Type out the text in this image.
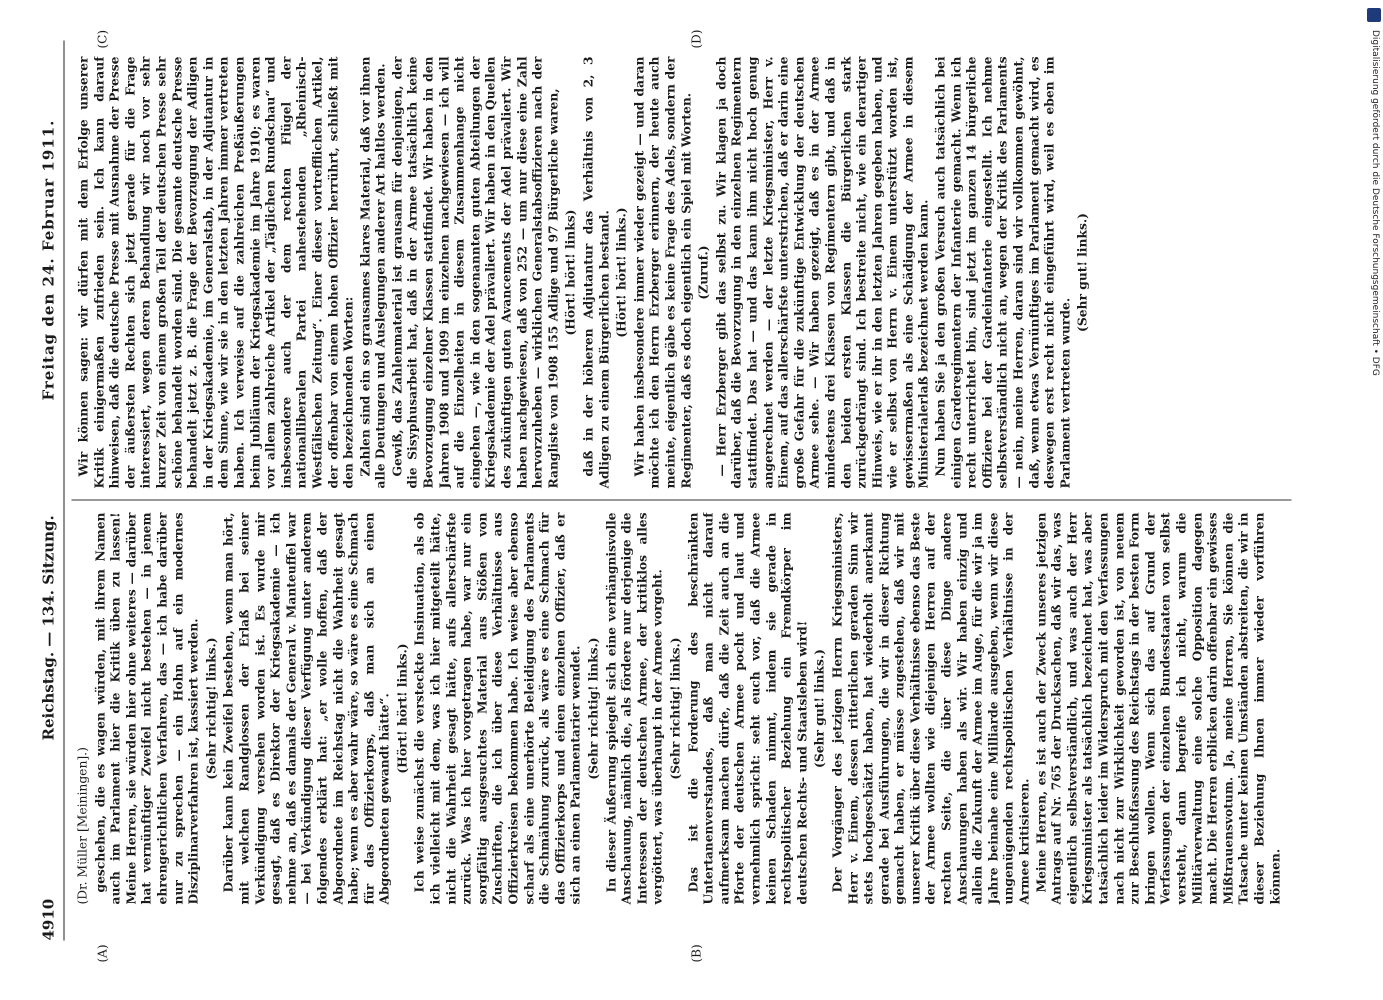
4910
Reichstag. — 134. Sitzung.
Freitag den 24. Februar 1911.
(A)	(B)
(C)	(D)

(Dr. Müller [Meiningen].) geschehen, die es wagen würden, mit ihrem Namen auch im Parlament hier die Kritik üben zu lassen! Meine Herren, sie würden hier ohne weiteres — darüber hat vernünftiger Zweifel nicht bestehen — in jenem ehrengerichtlichen Verfahren, das — ich habe darüber nur zu sprechen — ein Hohn auf ein modernes Disziplinarverfahren ist, kassiert werden. (Sehr richtig! links.) Darüber kann kein Zweifel bestehen, wenn man hört, mit welchen Randglossen der Erlaß bei seiner Verkündigung versehen worden ist. Es wurde mir gesagt, daß es Direktor der Kriegsakademie — ich nehme an, daß es damals der General v. Manteuffel war — bei Verkündigung dieser Verfügung unter anderem folgendes erklärt hat: „er wolle hoffen, daß der Abgeordnete im Reichstag nicht die Wahrheit gesagt habe; wenn es aber wahr wäre, so wäre es eine Schmach für das Offizierkorps, daß man sich an einen Abgeordneten gewandt hätte“. (Hört! hört! links.) Ich weise zunächst die versteckte Insinuation, als ob ich vielleicht mit dem, was ich hier mitgeteilt hätte, nicht die Wahrheit gesagt hätte, aufs allerschärfste zurück. Was ich hier vorgetragen habe, war nur ein sorgfältig ausgesuchtes Material aus Stößen von Zuschriften, die ich über diese Verhältnisse aus Offizierkreisen bekommen habe. Ich weise aber ebenso scharf als eine unerhörte Beleidigung des Parlaments die Schmähung zurück, als wäre es eine Schmach für das Offizierkorps und einen einzelnen Offizier, daß er sich an einen Parlamentarier wendet. (Sehr richtig! links.) In dieser Äußerung spiegelt sich eine verhängnisvolle Anschauung, nämlich die, als fördere nur derjenige die Interessen der deutschen Armee, der kritiklos alles vergöttert, was überhaupt in der Armee vorgeht. (Sehr richtig! links.) Das ist die Forderung des beschränkten Untertanenverstandes, daß man nicht darauf aufmerksam machen dürfe, daß die Zeit auch an die Pforte der deutschen Armee pocht und laut und vernehmlich spricht: seht euch vor, daß die Armee keinen Schaden nimmt, indem sie gerade in rechtspolitischer Beziehung ein Fremdkörper im deutschen Rechts- und Staatsleben wird! (Sehr gut! links.) Der Vorgänger des jetzigen Herrn Kriegsministers, Herr v. Einem, dessen ritterlichen geraden Sinn wir stets hochgeschätzt haben, hat wiederholt anerkannt gerade bei Ausführungen, die wir in dieser Richtung gemacht haben, er müsse zugestehen, daß wir mit unserer Kritik über diese Verhältnisse ebenso das Beste der Armee wollten wie diejenigen Herren auf der rechten Seite, die über diese Dinge andere Anschauungen haben als wir. Wir haben einzig und allein die Zukunft der Armee im Auge, für die wir ja im Jahre beinahe eine Milliarde ausgeben, wenn wir diese ungenügenden rechtspolitischen Verhältnisse in der Armee kritisieren. Meine Herren, es ist auch der Zweck unseres jetzigen Antrags auf Nr. 765 der Drucksachen, daß wir das, was eigentlich selbstverständlich, und was auch der Herr Kriegsminister als tatsächlich bezeichnet hat, was aber tatsächlich leider im Widerspruch mit den Verfassungen nach nicht zur Wirklichkeit geworden ist, von neuem zur Beschlußfassung des Reichstags in der besten Form bringen wollen. Wenn sich das auf Grund der Verfassungen der einzelnen Bundesstaaten von selbst versteht, dann begreife ich nicht, warum die Militärverwaltung eine solche Opposition dagegen macht. Die Herren erblicken darin offenbar ein gewisses Mißtrauensvotum. Ja, meine Herren, Sie können die Tatsache unter keinen Umständen abstreiten, die wir in dieser Beziehung Ihnen immer wieder vorführen können.

Wir können sagen: wir dürfen mit dem Erfolge unserer Kritik einigermaßen zufrieden sein. Ich kann darauf hinweisen, daß die deutsche Presse mit Ausnahme der Presse der äußersten Rechten sich jetzt gerade für die Frage interessiert, wegen deren Behandlung wir noch vor sehr kurzer Zeit von einem großen Teil der deutschen Presse sehr schöne behandelt worden sind. Die gesamte deutsche Presse behandelt jetzt z. B. die Frage der Bevorzugung der Adligen in der Kriegsakademie, im Generalstab, in der Adjutantur in dem Sinne, wie wir sie in den letzten Jahren immer vertreten haben. Ich verweise auf die zahlreichen Preßäußerungen beim Jubiläum der Kriegsakademie im Jahre 1910; es waren vor allem zahlreiche Artikel der „Täglichen Rundschau“ und insbesondere auch der dem rechten Flügel der nationalliberalen Partei nahestehenden „Rheinisch-Westfälischen Zeitung“. Einer dieser vortrefflichen Artikel, der offenbar von einem hohen Offizier herrührt, schließt mit den bezeichnenden Worten: Zahlen sind ein so grausames klares Material, daß vor ihnen alle Deutungen und Auslegungen anderer Art haltlos werden. Gewiß, das Zahlenmaterial ist grausam für denjenigen, der die Sisyphusarbeit hat, daß in der Armee tatsächlich keine Bevorzugung einzelner Klassen stattfindet. Wir haben in den Jahren 1908 und 1909 im einzelnen nachgewiesen — ich will auf die Einzelheiten in diesem Zusammenhange nicht eingehen —, wie in den sogenannten guten Abteilungen der Kriegsakademie der Adel prävaliert. Wir haben in den Quellen des zukünftigen guten Avancements der Adel prävaliert. Wir haben nachgewiesen, daß von 252 — um nur diese eine Zahl hervorzuheben — wirklichen Generalstabsoffizieren nach der Rangliste von 1908 155 Adlige und 97 Bürgerliche waren, (Hört! hört! links) daß in der höheren Adjutantur das Verhältnis von 2, 3 Adligen zu einem Bürgerlichen bestand. (Hört! hört! links.) Wir haben insbesondere immer wieder gezeigt — und daran möchte ich den Herrn Erzberger erinnern, der heute auch meinte, eigentlich gäbe es keine Frage des Adels, sondern der Regimenter, daß es doch eigentlich ein Spiel mit Worten. (Zuruf.) — Herr Erzberger gibt das selbst zu. Wir klagen ja doch darüber, daß die Bevorzugung in den einzelnen Regimentern stattfindet. Das hat — und das kann ihm nicht hoch genug angerechnet werden — der letzte Kriegsminister, Herr v. Einem, auf das allerschärfste unterstrichen, daß er darin eine große Gefahr für die zukünftige Entwicklung der deutschen Armee sehe. — Wir haben gezeigt, daß es in der Armee mindestens drei Klassen von Regimentern gibt, und daß in den beiden ersten Klassen die Bürgerlichen stark zurückgedrängt sind. Ich bestreite nicht, wie ein derartiger Hinweis, wie er ihr in den letzten Jahren gegeben haben, und wie er selbst von Herrn v. Einem unterstützt worden ist, gewissermaßen als eine Schädigung der Armee in diesem Ministerialerlaß bezeichnet werden kann. Nun haben Sie ja den großen Versuch auch tatsächlich bei einigen Garderegimentern der Infanterie gemacht. Wenn ich recht unterrichtet bin, sind jetzt im ganzen 14 bürgerliche Offiziere bei der Gardeinfanterie eingestellt. Ich nehme selbstverständlich nicht an, wegen der Kritik des Parlaments — nein, meine Herren, daran sind wir vollkommen gewöhnt, daß, wenn etwas Vernünftiges im Parlament gemacht wird, es deswegen erst recht nicht eingeführt wird, weil es eben im Parlament vertreten wurde.

(Sehr gut! links.)	Digitalisierung gefördert durch die Deutsche Forschungsgemeinschaft • DFG
